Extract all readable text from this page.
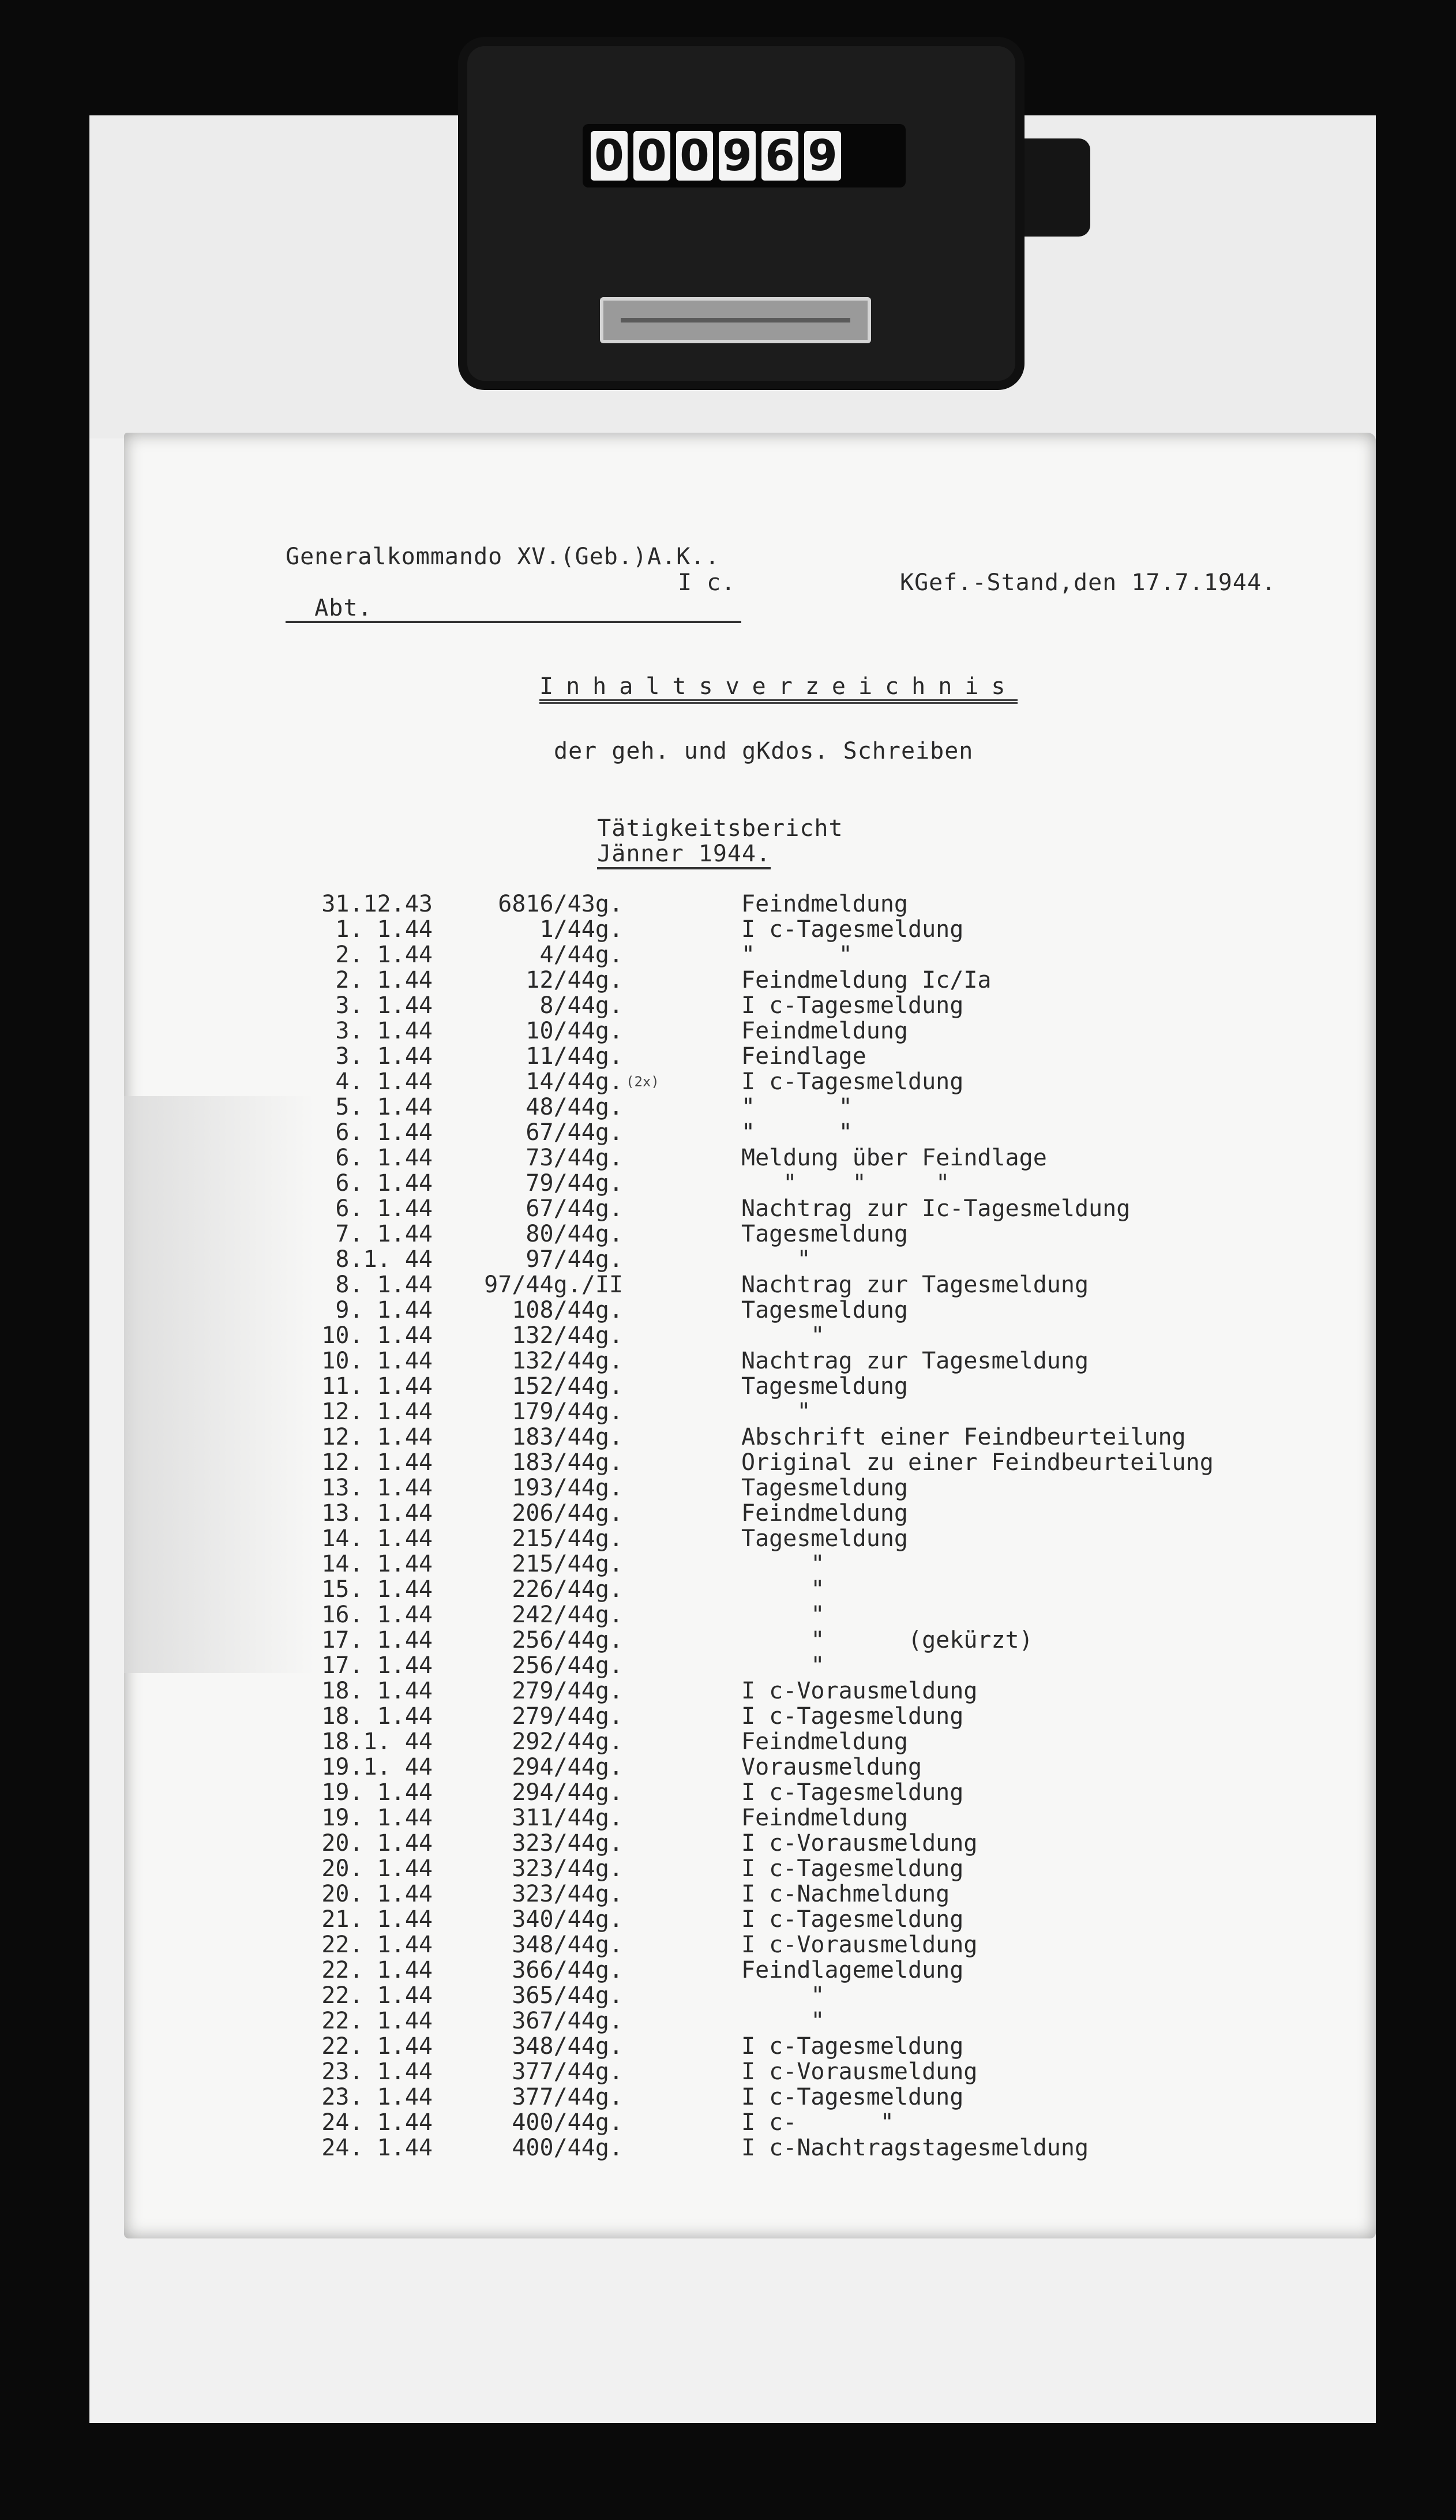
0 0 0 9 6 9
Generalkommando XV.(Geb.)A.K..

Abt.

I c.	KGef.-Stand,den 17.7.1944.
Inhaltsverzeichnis
der geh. und gKdos. Schreiben

Tätigkeitsbericht
Jänner 1944.

31.12.43	6816/43g.	Feindmeldung
1. 1.44	1/44g.	I c-Tagesmeldung
2. 1.44	4/44g.	"      "
2. 1.44	12/44g.	Feindmeldung Ic/Ia
3. 1.44	8/44g.	I c-Tagesmeldung
3. 1.44	10/44g.	Feindmeldung
3. 1.44	11/44g.	Feindlage
4. 1.44	14/44g.	I c-Tagesmeldung
(2x)
5. 1.44	48/44g.	"      "
6. 1.44	67/44g.	"      "
6. 1.44	73/44g.	Meldung über Feindlage
6. 1.44	79/44g.	"    "     "
6. 1.44	67/44g.	Nachtrag zur Ic-Tagesmeldung
7. 1.44	80/44g.	Tagesmeldung
8.1. 44	97/44g.	"
8. 1.44	97/44g./II	Nachtrag zur Tagesmeldung
9. 1.44	108/44g.	Tagesmeldung
10. 1.44	132/44g.	"
10. 1.44	132/44g.	Nachtrag zur Tagesmeldung
11. 1.44	152/44g.	Tagesmeldung
12. 1.44	179/44g.	"
12. 1.44	183/44g.	Abschrift einer Feindbeurteilung
12. 1.44	183/44g.	Original zu einer Feindbeurteilung
13. 1.44	193/44g.	Tagesmeldung
13. 1.44	206/44g.	Feindmeldung
14. 1.44	215/44g.	Tagesmeldung
14. 1.44	215/44g.	"
15. 1.44	226/44g.	"
16. 1.44	242/44g.	"
17. 1.44	256/44g.	"      (gekürzt)
17. 1.44	256/44g.	"
18. 1.44	279/44g.	I c-Vorausmeldung
18. 1.44	279/44g.	I c-Tagesmeldung
18.1. 44	292/44g.	Feindmeldung
19.1. 44	294/44g.	Vorausmeldung
19. 1.44	294/44g.	I c-Tagesmeldung
19. 1.44	311/44g.	Feindmeldung
20. 1.44	323/44g.	I c-Vorausmeldung
20. 1.44	323/44g.	I c-Tagesmeldung
20. 1.44	323/44g.	I c-Nachmeldung
21. 1.44	340/44g.	I c-Tagesmeldung
22. 1.44	348/44g.	I c-Vorausmeldung
22. 1.44	366/44g.	Feindlagemeldung
22. 1.44	365/44g.	"
22. 1.44	367/44g.	"
22. 1.44	348/44g.	I c-Tagesmeldung
23. 1.44	377/44g.	I c-Vorausmeldung
23. 1.44	377/44g.	I c-Tagesmeldung
24. 1.44	400/44g.	I c-      "
24. 1.44	400/44g.	I c-Nachtragstagesmeldung
